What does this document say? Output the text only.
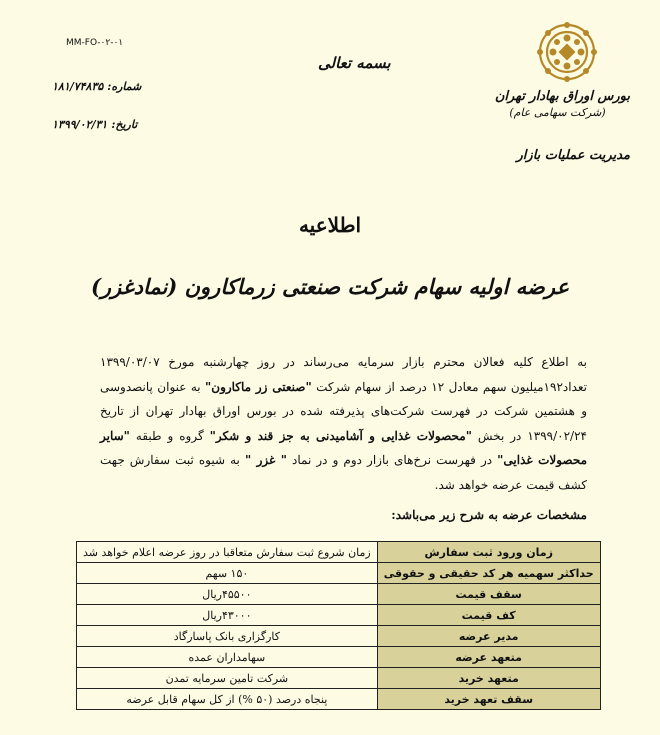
MM-FO-۰۲-۰۱
بسمه تعالی
شماره:۱۸۱/۷۴۸۳۵
تاریخ:۱۳۹۹/۰۲/۳۱
بورس اوراق بهادار تهران
(شرکت سهامی عام)
مدیریت عملیات بازار
اطلاعیه
عرضه اولیه سهام شرکت صنعتی زرماکارون (نمادغزر)

به اطلاع کلیه فعالان محترم بازار سرمایه می‌رساند در روز چهارشنبه مورخ ۱۳۹۹/۰۳/۰۷ تعداد۱۹۲میلیون سهم معادل ۱۲ درصد از سهام شرکت "صنعتی زر ماکارون" به عنوان پانصدوسی و هشتمین شرکت در فهرست شرکت‌های پذیرفته شده در بورس اوراق بهادار تهران از تاریخ ۱۳۹۹/۰۲/۲۴ در بخش "محصولات غذایی و آشامیدنی به جز قند و شکر" گروه و طبقه "سایر محصولات غذایی" در فهرست نرخ‌های بازار دوم و در نماد " غزر " به شیوه ثبت سفارش جهت کشف قیمت عرضه خواهد شد.

مشخصات عرضه به شرح زیر می‌باشد:
زمان ورود ثبت سفارش	زمان شروع ثبت سفارش متعاقبا در روز عرضه اعلام خواهد شد
حداکثر سهمیه هر کد حقیقی و حقوقی	۱۵۰ سهم
سقف قیمت	۴۵۵۰۰ریال
کف قیمت	۴۳۰۰۰ریال
مدیر عرضه	کارگزاری بانک پاسارگاد
متعهد عرضه	سهامداران عمده
متعهد خرید	شرکت تامین سرمایه تمدن
سقف تعهد خرید	پنجاه درصد (۵۰ %) از کل سهام قابل عرضه
